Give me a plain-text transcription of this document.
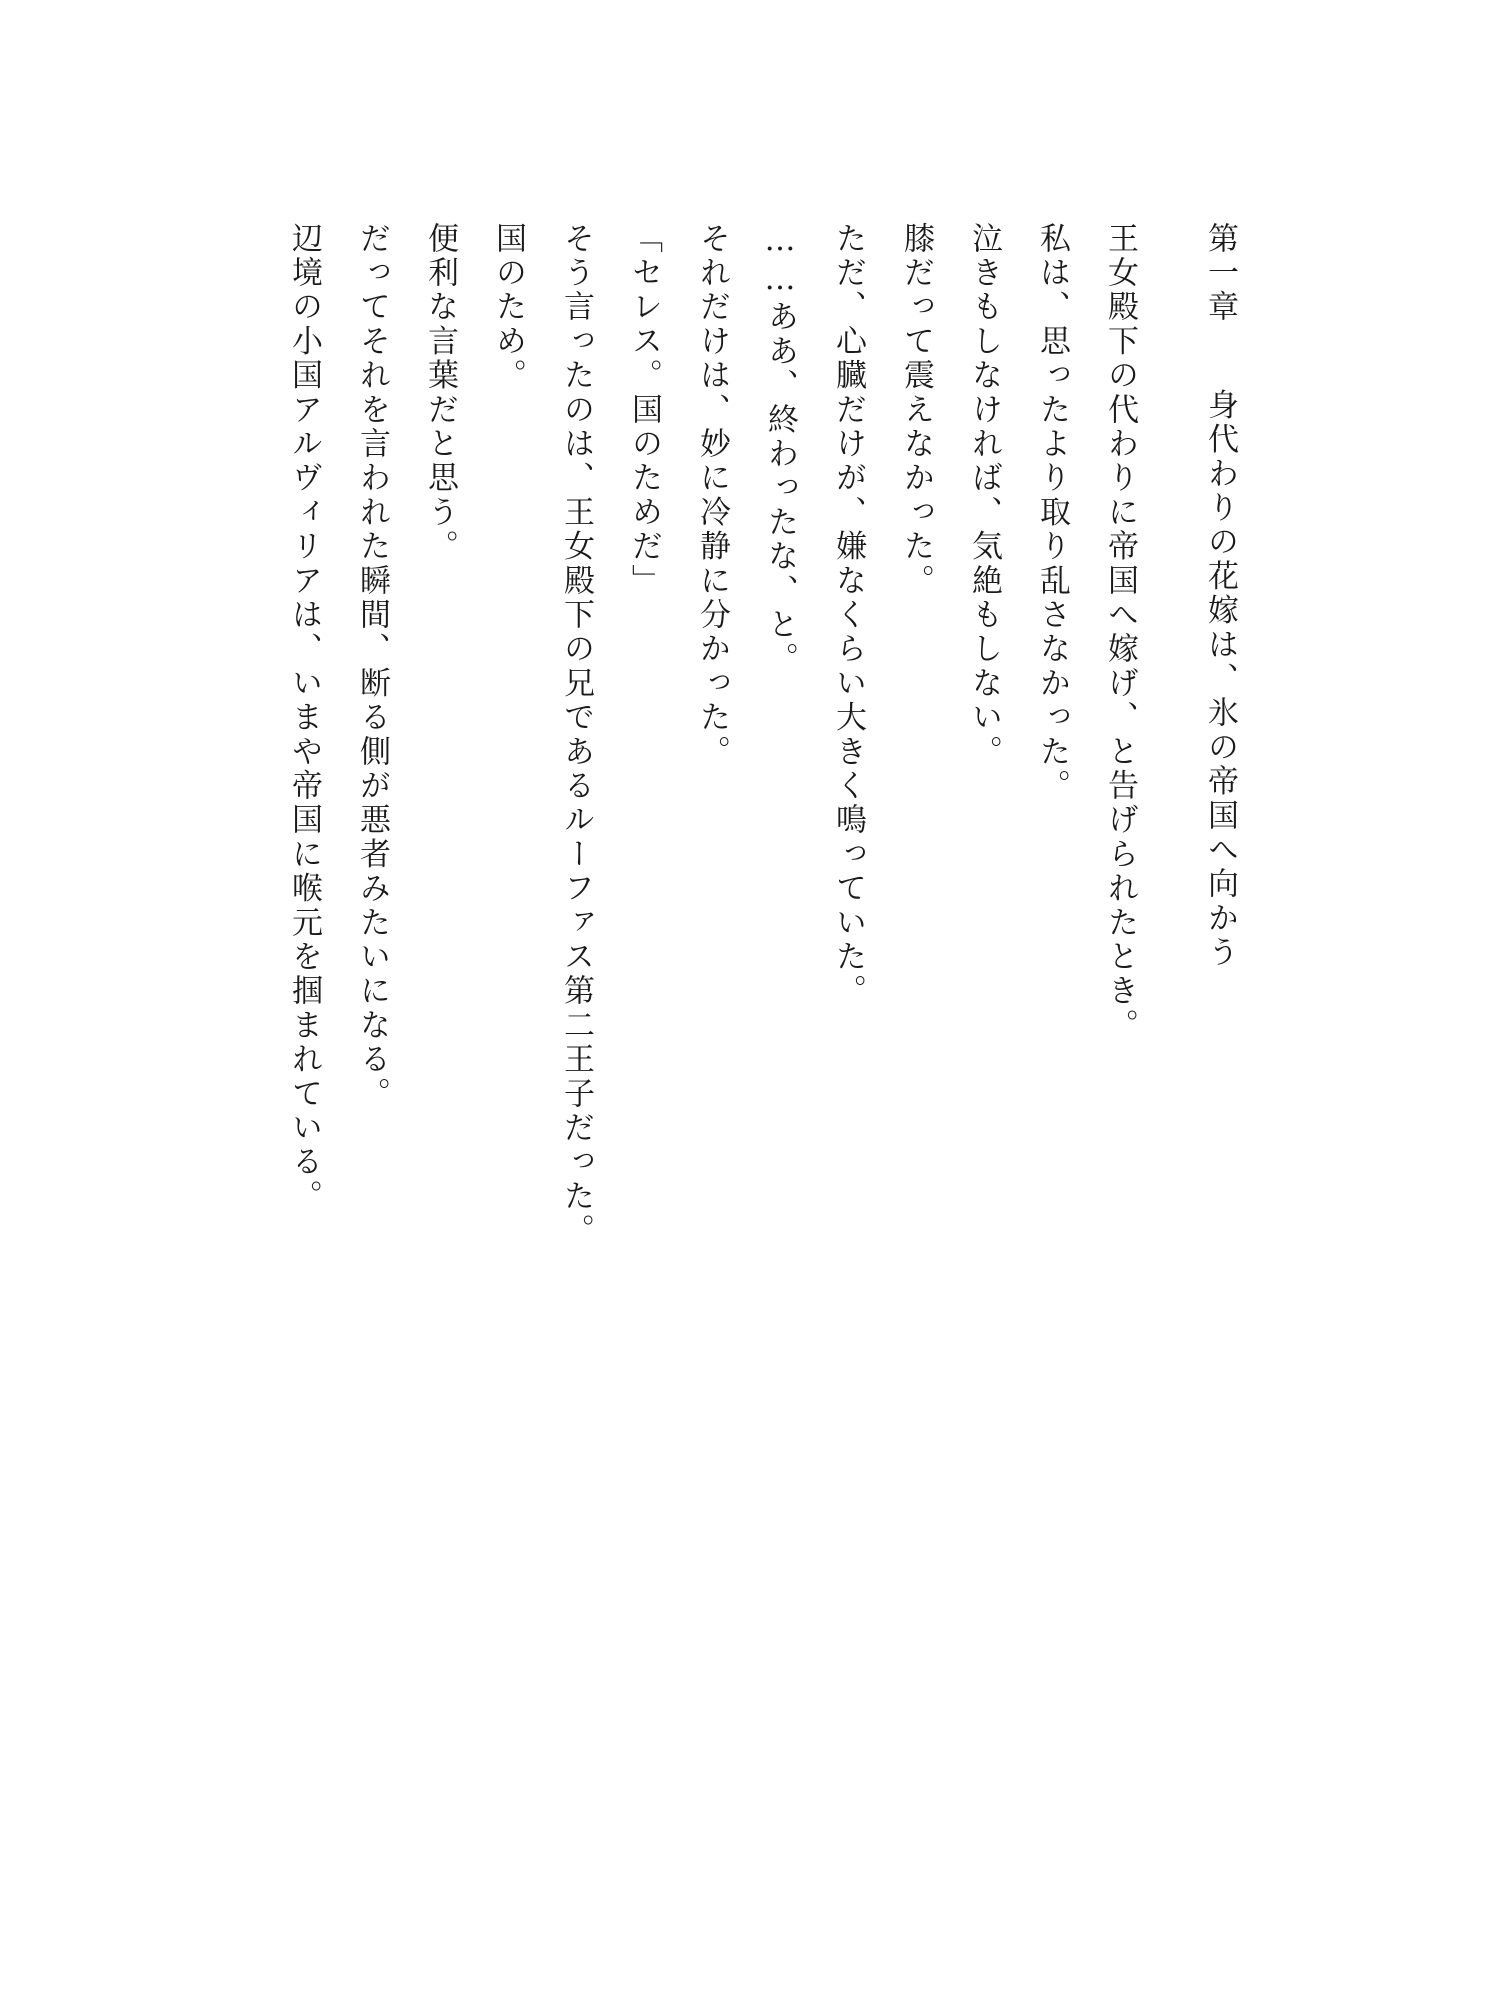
第一章身代わりの花嫁は、氷の帝国へ向かう
王女殿下の代わりに帝国へ嫁げ、と告げられたとき。
私は、思ったより取り乱さなかった。
泣きもしなければ、気絶もしない。
膝だって震えなかった。
ただ、心臓だけが、嫌なくらい大きく鳴っていた。
……ああ、終わったな、と。
それだけは、妙に冷静に分かった。
「セレス。国のためだ」
そう言ったのは、王女殿下の兄であるルーファス第二王子だった。
国のため。
便利な言葉だと思う。
だってそれを言われた瞬間、断る側が悪者みたいになる。
辺境の小国アルヴィリアは、いまや帝国に喉元を掴まれている。
